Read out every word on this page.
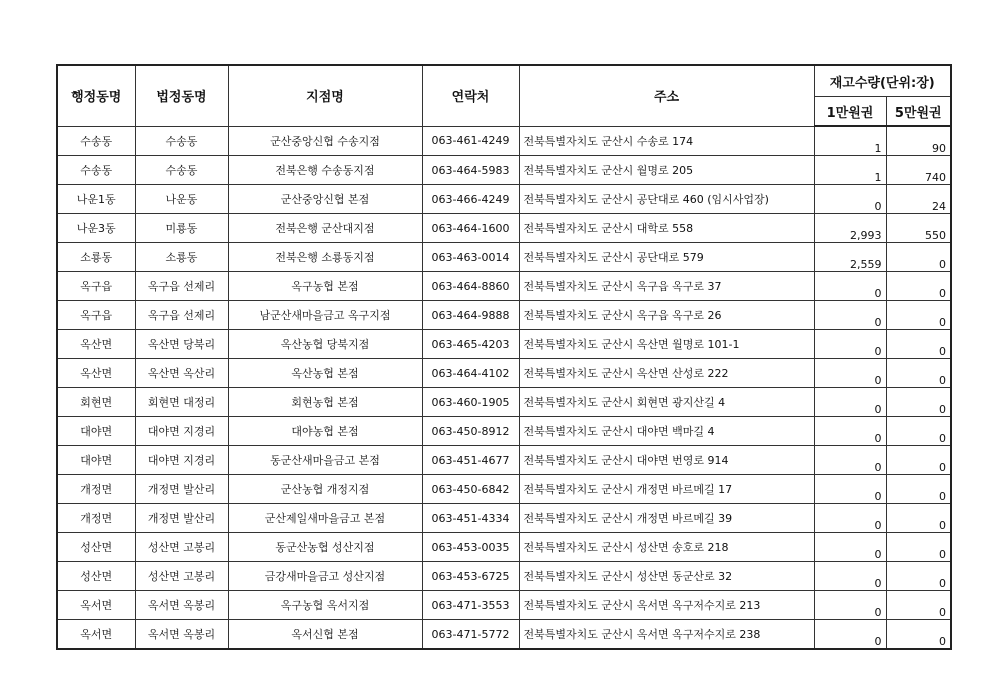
행정동명	법정동명	지점명	연락처	주소	재고수량(단위:장)	
					1만원권	5만원권
수송동	수송동	군산중앙신협 수송지점	063-461-4249	전북특별자치도 군산시 수송로 174	1	90
수송동	수송동	전북은행 수송동지점	063-464-5983	전북특별자치도 군산시 월명로 205	1	740
나운1동	나운동	군산중앙신협 본점	063-466-4249	전북특별자치도 군산시 공단대로 460 (임시사업장)	0	24
나운3동	미룡동	전북은행 군산대지점	063-464-1600	전북특별자치도 군산시 대학로 558	2,993	550
소룡동	소룡동	전북은행 소룡동지점	063-463-0014	전북특별자치도 군산시 공단대로 579	2,559	0
옥구읍	옥구읍 선제리	옥구농협 본점	063-464-8860	전북특별자치도 군산시 옥구읍 옥구로 37	0	0
옥구읍	옥구읍 선제리	남군산새마을금고 옥구지점	063-464-9888	전북특별자치도 군산시 옥구읍 옥구로 26	0	0
옥산면	옥산면 당북리	옥산농협 당북지점	063-465-4203	전북특별자치도 군산시 옥산면 월명로 101-1	0	0
옥산면	옥산면 옥산리	옥산농협 본점	063-464-4102	전북특별자치도 군산시 옥산면 산성로 222	0	0
회현면	회현면 대정리	회현농협 본점	063-460-1905	전북특별자치도 군산시 회현면 광지산길 4	0	0
대야면	대야면 지경리	대야농협 본점	063-450-8912	전북특별자치도 군산시 대야면 백마길 4	0	0
대야면	대야면 지경리	동군산새마을금고 본점	063-451-4677	전북특별자치도 군산시 대야면 번영로 914	0	0
개정면	개정면 발산리	군산농협 개정지점	063-450-6842	전북특별자치도 군산시 개정면 바르메길 17	0	0
개정면	개정면 발산리	군산제일새마을금고 본점	063-451-4334	전북특별자치도 군산시 개정면 바르메길 39	0	0
성산면	성산면 고봉리	동군산농협 성산지점	063-453-0035	전북특별자치도 군산시 성산면 송호로 218	0	0
성산면	성산면 고봉리	금강새마을금고 성산지점	063-453-6725	전북특별자치도 군산시 성산면 동군산로 32	0	0
옥서면	옥서면 옥봉리	옥구농협 옥서지점	063-471-3553	전북특별자치도 군산시 옥서면 옥구저수지로 213	0	0
옥서면	옥서면 옥봉리	옥서신협 본점	063-471-5772	전북특별자치도 군산시 옥서면 옥구저수지로 238	0	0
